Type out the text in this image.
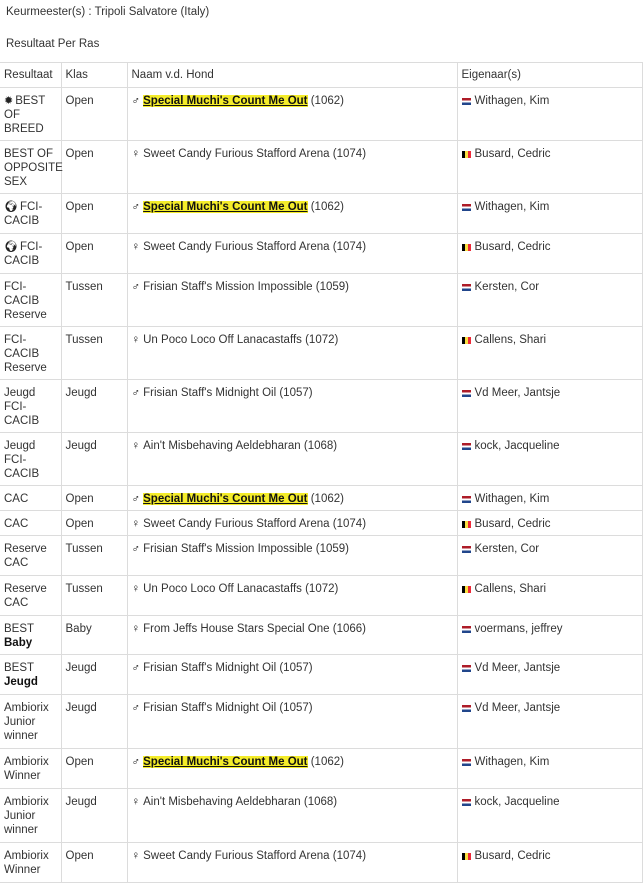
Keurmeester(s) : Tripoli Salvatore (Italy)
Resultaat Per Ras
Resultaat	Klas	Naam v.d. Hond	Eigenaar(s)
✹ BEST OF BREED	Open	♂ Special Muchi's Count Me Out (1062)	Withagen, Kim
BEST OF OPPOSITE SEX	Open	♀ Sweet Candy Furious Stafford Arena (1074)	Busard, Cedric
🌍︎ FCI-CACIB	Open	♂ Special Muchi's Count Me Out (1062)	Withagen, Kim
🌍︎ FCI-CACIB	Open	♀ Sweet Candy Furious Stafford Arena (1074)	Busard, Cedric
FCI-CACIB Reserve	Tussen	♂ Frisian Staff's Mission Impossible (1059)	Kersten, Cor
FCI-CACIB Reserve	Tussen	♀ Un Poco Loco Off Lanacastaffs (1072)	Callens, Shari
Jeugd FCI-CACIB	Jeugd	♂ Frisian Staff's Midnight Oil (1057)	Vd Meer, Jantsje
Jeugd FCI-CACIB	Jeugd	♀ Ain't Misbehaving Aeldebharan (1068)	kock, Jacqueline
CAC	Open	♂ Special Muchi's Count Me Out (1062)	Withagen, Kim
CAC	Open	♀ Sweet Candy Furious Stafford Arena (1074)	Busard, Cedric
Reserve CAC	Tussen	♂ Frisian Staff's Mission Impossible (1059)	Kersten, Cor
Reserve CAC	Tussen	♀ Un Poco Loco Off Lanacastaffs (1072)	Callens, Shari
BEST Baby	Baby	♀ From Jeffs House Stars Special One (1066)	voermans, jeffrey
BEST Jeugd	Jeugd	♂ Frisian Staff's Midnight Oil (1057)	Vd Meer, Jantsje
Ambiorix Junior winner	Jeugd	♂ Frisian Staff's Midnight Oil (1057)	Vd Meer, Jantsje
Ambiorix Winner	Open	♂ Special Muchi's Count Me Out (1062)	Withagen, Kim
Ambiorix Junior winner	Jeugd	♀ Ain't Misbehaving Aeldebharan (1068)	kock, Jacqueline
Ambiorix Winner	Open	♀ Sweet Candy Furious Stafford Arena (1074)	Busard, Cedric
